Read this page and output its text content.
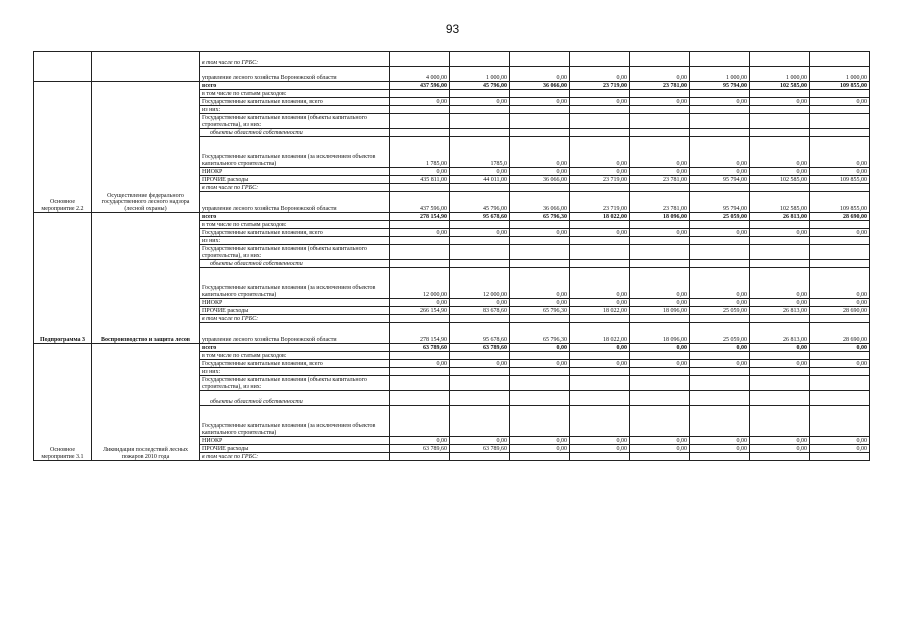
93
		в том числе по ГРБС:								
		управление лесного хозяйства Воронежской области	4 000,00	1 000,00	0,00	0,00	0,00	1 000,00	1 000,00	1 000,00
Основное мероприятие 2.2	Осуществление федерального государственного лесного надзора (лесной охраны)	всего	437 596,00	45 796,00	36 066,00	23 719,00	23 781,00	95 794,00	102 585,00	109 855,00
		в том числе по статьям расходов:								
		Государственные капитальные вложения, всего	0,00	0,00	0,00	0,00	0,00	0,00	0,00	0,00
		из них:								
		Государственные капитальные вложения (объекты капитального строительства), из них:								
		объекты областной собственности								
		Государственные капитальные вложения (за исключением объектов капитального строительства)	1 785,00	1785,0	0,00	0,00	0,00	0,00	0,00	0,00
		НИОКР	0,00	0,00	0,00	0,00	0,00	0,00	0,00	0,00
		ПРОЧИЕ расходы	435 811,00	44 011,00	36 066,00	23 719,00	23 781,00	95 794,00	102 585,00	109 855,00
		в том числе по ГРБС:								
		управление лесного хозяйства Воронежской области	437 596,00	45 796,00	36 066,00	23 719,00	23 781,00	95 794,00	102 585,00	109 855,00
Подпрограмма 3	Воспроизводство и защита лесов	всего	278 154,90	95 678,60	65 796,30	18 022,00	18 096,00	25 059,00	26 813,00	28 690,00
		в том числе по статьям расходов:								
		Государственные капитальные вложения, всего	0,00	0,00	0,00	0,00	0,00	0,00	0,00	0,00
		из них:								
		Государственные капитальные вложения (объекты капитального строительства), из них:								
		объекты областной собственности								
		Государственные капитальные вложения (за исключением объектов капитального строительства)	12 000,00	12 000,00	0,00	0,00	0,00	0,00	0,00	0,00
		НИОКР	0,00	0,00	0,00	0,00	0,00	0,00	0,00	0,00
		ПРОЧИЕ расходы	266 154,90	83 678,60	65 796,30	18 022,00	18 096,00	25 059,00	26 813,00	28 690,00
		в том числе по ГРБС:								
		управление лесного хозяйства Воронежской области	278 154,90	95 678,60	65 796,30	18 022,00	18 096,00	25 059,00	26 813,00	28 690,00
Основное мероприятие 3.1	Ликвидация последствий лесных пожаров 2010 года	всего	63 789,60	63 789,60	0,00	0,00	0,00	0,00	0,00	0,00
		в том числе по статьям расходов:								
		Государственные капитальные вложения, всего	0,00	0,00	0,00	0,00	0,00	0,00	0,00	0,00
		из них:								
		Государственные капитальные вложения (объекты капитального строительства), из них:								
		объекты областной собственности								
		Государственные капитальные вложения (за исключением объектов капитального строительства)								
		НИОКР	0,00	0,00	0,00	0,00	0,00	0,00	0,00	0,00
		ПРОЧИЕ расходы	63 789,60	63 789,60	0,00	0,00	0,00	0,00	0,00	0,00
		в том числе по ГРБС:								
